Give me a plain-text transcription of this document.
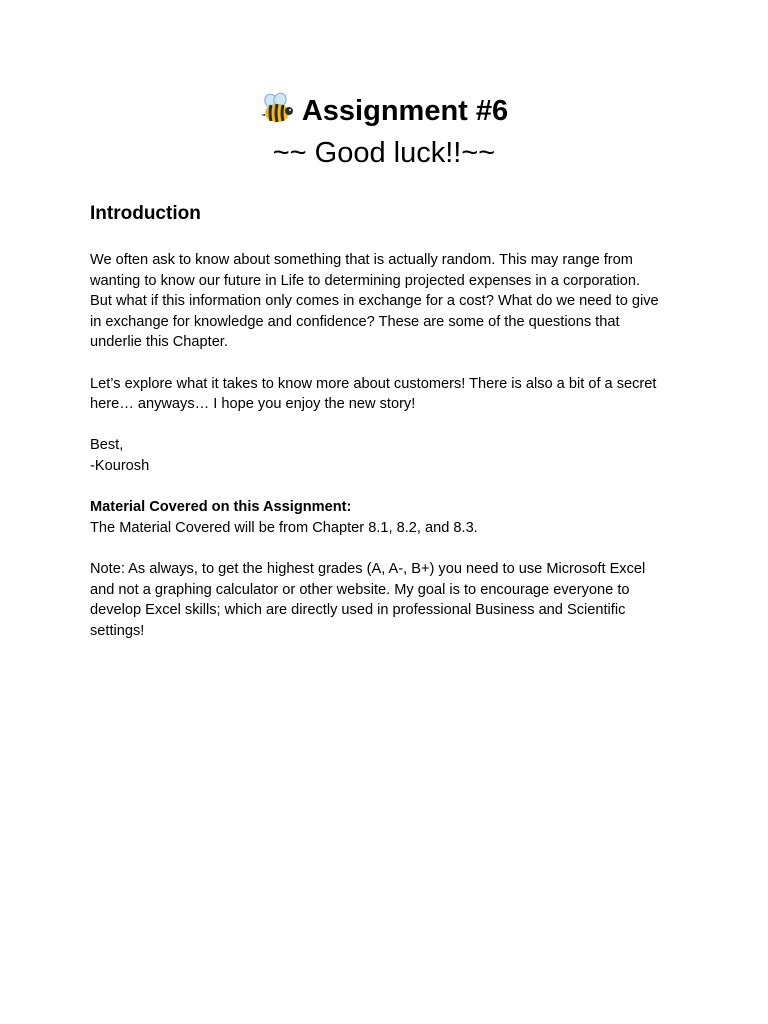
Assignment #6
~~ Good luck!!~~
Introduction

We often ask to know about something that is actually random. This may range from
wanting to know our future in Life to determining projected expenses in a corporation.
But what if this information only comes in exchange for a cost? What do we need to give
in exchange for knowledge and confidence? These are some of the questions that
underlie this Chapter.

Let’s explore what it takes to know more about customers! There is also a bit of a secret
here… anyways… I hope you enjoy the new story!

Best,
-Kourosh

Material Covered on this Assignment:
The Material Covered will be from Chapter 8.1, 8.2, and 8.3.

Note: As always, to get the highest grades (A, A-, B+) you need to use Microsoft Excel
and not a graphing calculator or other website. My goal is to encourage everyone to
develop Excel skills; which are directly used in professional Business and Scientific
settings!
